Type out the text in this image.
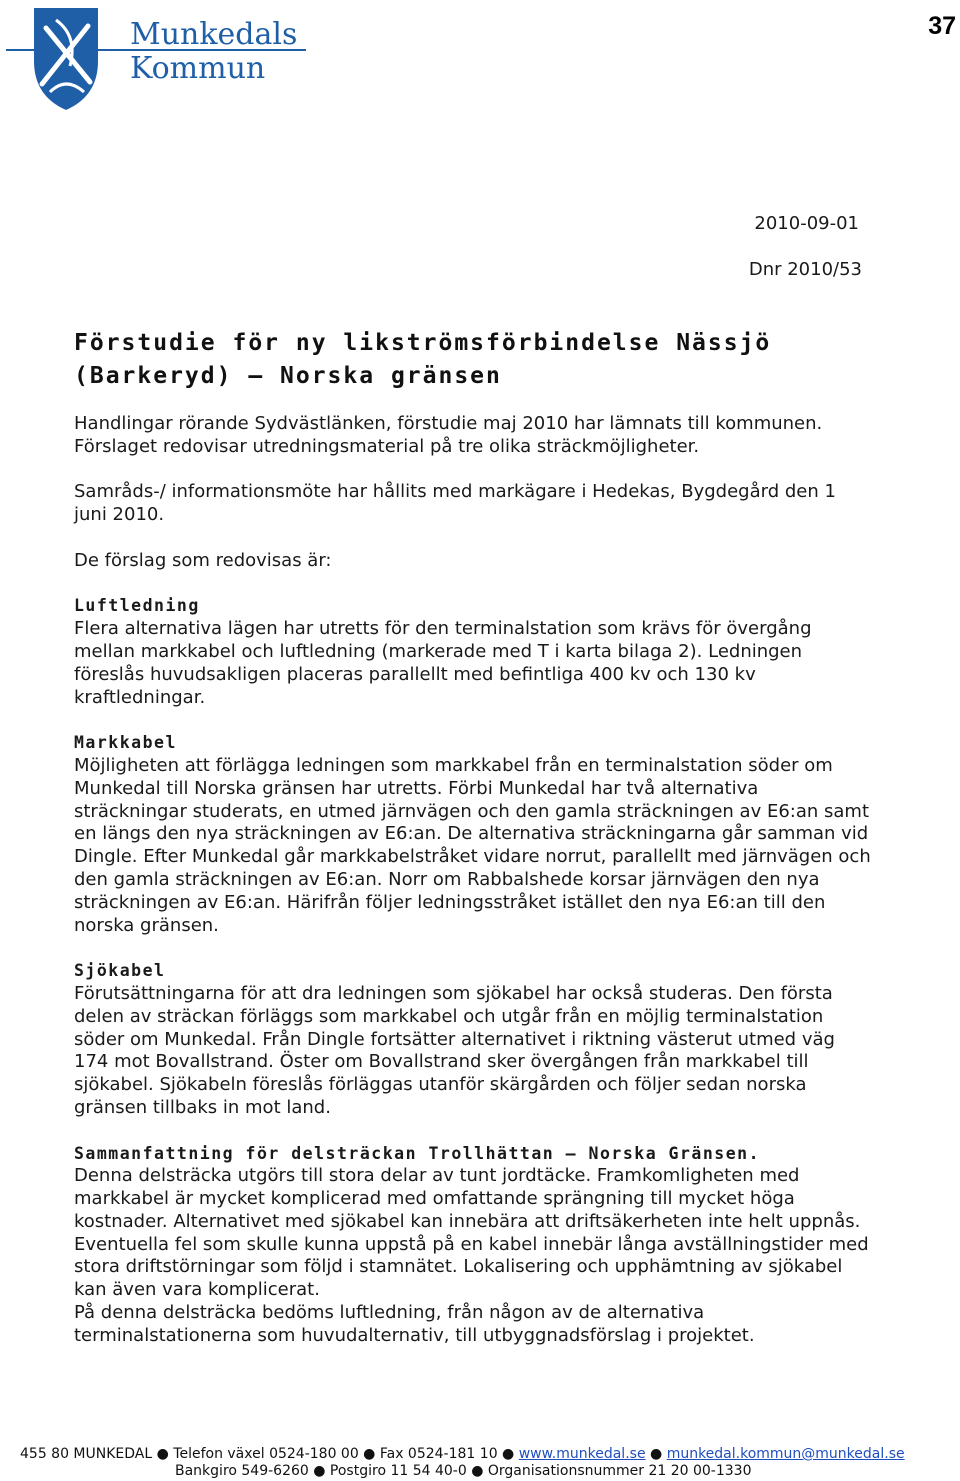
37
Munkedals
Kommun
2010-09-01
Dnr 2010/53
Förstudie för ny likströmsförbindelse Nässjö (Barkeryd) – Norska gränsen

Handlingar rörande Sydvästlänken, förstudie maj 2010 har lämnats till kommunen. Förslaget redovisar utredningsmaterial på tre olika sträckmöjligheter.

Samråds-/ informationsmöte har hållits med markägare i Hedekas, Bygdegård den 1 juni 2010.

De förslag som redovisas är:

Luftledning

Flera alternativa lägen har utretts för den terminalstation som krävs för övergång mellan markkabel och luftledning (markerade med T i karta bilaga 2). Ledningen föreslås huvudsakligen placeras parallellt med befintliga 400 kv och 130 kv kraftledningar.

Markkabel

Möjligheten att förlägga ledningen som markkabel från en terminalstation söder om Munkedal till Norska gränsen har utretts. Förbi Munkedal har två alternativa sträckningar studerats, en utmed järnvägen och den gamla sträckningen av E6:an samt en längs den nya sträckningen av E6:an. De alternativa sträckningarna går samman vid Dingle. Efter Munkedal går markkabelstråket vidare norrut, parallellt med järnvägen och den gamla sträckningen av E6:an. Norr om Rabbalshede korsar järnvägen den nya sträckningen av E6:an. Härifrån följer ledningsstråket istället den nya E6:an till den norska gränsen.

Sjökabel

Förutsättningarna för att dra ledningen som sjökabel har också studeras. Den första delen av sträckan förläggs som markkabel och utgår från en möjlig terminalstation söder om Munkedal. Från Dingle fortsätter alternativet i riktning västerut utmed väg 174 mot Bovallstrand. Öster om Bovallstrand sker övergången från markkabel till sjökabel. Sjökabeln föreslås förläggas utanför skärgården och följer sedan norska gränsen tillbaks in mot land.

Sammanfattning för delsträckan Trollhättan – Norska Gränsen.

Denna delsträcka utgörs till stora delar av tunt jordtäcke. Framkomligheten med markkabel är mycket komplicerad med omfattande sprängning till mycket höga kostnader. Alternativet med sjökabel kan innebära att driftsäkerheten inte helt uppnås. Eventuella fel som skulle kunna uppstå på en kabel innebär långa avställningstider med stora driftstörningar som följd i stamnätet. Lokalisering och upphämtning av sjökabel kan även vara komplicerat.

På denna delsträcka bedöms luftledning, från någon av de alternativa terminalstationerna som huvudalternativ, till utbyggnadsförslag i projektet.

455 80 MUNKEDAL ● Telefon växel 0524-180 00 ● Fax 0524-181 10 ● www.munkedal.se ● munkedal.kommun@munkedal.se
Bankgiro 549-6260 ● Postgiro 11 54 40-0 ● Organisationsnummer 21 20 00-1330
